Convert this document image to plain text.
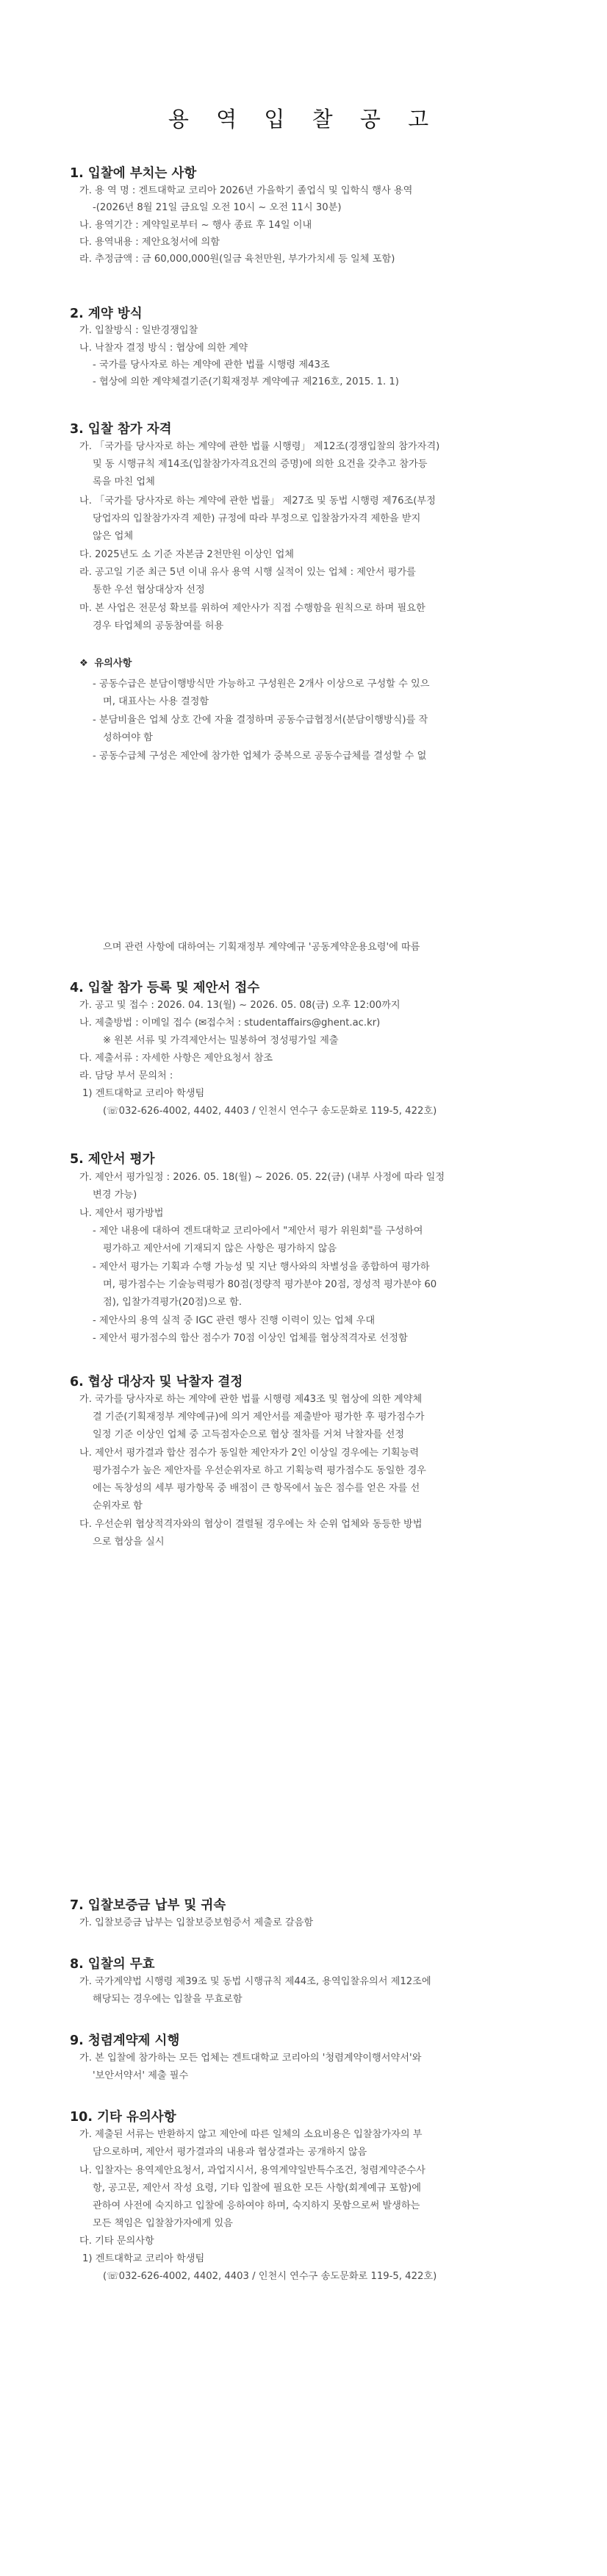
용 역 입 찰 공 고
1. 입찰에 부치는 사항
가. 용 역 명 : 겐트대학교 코리아 2026년 가을학기 졸업식 및 입학식 행사 용역
-(2026년 8월 21일 금요일 오전 10시 ~ 오전 11시 30분)
나. 용역기간 : 계약일로부터 ~ 행사 종료 후 14일 이내
다. 용역내용 : 제안요청서에 의함
라. 추정금액 : 금 60,000,000원(일금 육천만원, 부가가치세 등 일체 포함)
2. 계약 방식
가. 입찰방식 : 일반경쟁입찰
나. 낙찰자 결정 방식 : 협상에 의한 계약
- 국가를 당사자로 하는 계약에 관한 법률 시행령 제43조
- 협상에 의한 계약체결기준(기획재정부 계약예규 제216호, 2015. 1. 1)
3. 입찰 참가 자격
가. 「국가를 당사자로 하는 계약에 관한 법률 시행령」 제12조(경쟁입찰의 참가자격)
및 동 시행규칙 제14조(입찰참가자격요건의 증명)에 의한 요건을 갖추고 참가등
록을 마친 업체
나. 「국가를 당사자로 하는 계약에 관한 법률」 제27조 및 동법 시행령 제76조(부정
당업자의 입찰참가자격 제한) 규정에 따라 부정으로 입찰참가자격 제한을 받지
않은 업체
다. 2025년도 소 기준 자본금 2천만원 이상인 업체
라. 공고일 기준 최근 5년 이내 유사 용역 시행 실적이 있는 업체 : 제안서 평가를
통한 우선 협상대상자 선정
마. 본 사업은 전문성 확보를 위하여 제안사가 직접 수행함을 원칙으로 하며 필요한
경우 타업체의 공동참여를 허용
❖ 유의사항
- 공동수급은 분담이행방식만 가능하고 구성원은 2개사 이상으로 구성할 수 있으
며, 대표사는 사용 결정함
- 분담비율은 업체 상호 간에 자율 결정하며 공동수급협정서(분담이행방식)를 작
성하여야 함
- 공동수급체 구성은 제안에 참가한 업체가 중복으로 공동수급체를 결성할 수 없
으며 관련 사항에 대하여는 기획재정부 계약예규 '공동계약운용요령'에 따름
4. 입찰 참가 등록 및 제안서 접수
가. 공고 및 접수 : 2026. 04. 13(월) ~ 2026. 05. 08(금) 오후 12:00까지
나. 제출방법 : 이메일 접수 (✉접수처 : studentaffairs@ghent.ac.kr)
※ 원본 서류 및 가격제안서는 밀봉하여 정성평가일 제출
다. 제출서류 : 자세한 사항은 제안요청서 참조
라. 담당 부서 문의처 :
1) 겐트대학교 코리아 학생팀
(☏032-626-4002, 4402, 4403 / 인천시 연수구 송도문화로 119-5, 422호)
5. 제안서 평가
가. 제안서 평가일정 : 2026. 05. 18(월) ~ 2026. 05. 22(금) (내부 사정에 따라 일정
변경 가능)
나. 제안서 평가방법
- 제안 내용에 대하여 겐트대학교 코리아에서 "제안서 평가 위원회"를 구성하여
평가하고 제안서에 기재되지 않은 사항은 평가하지 않음
- 제안서 평가는 기획과 수행 가능성 및 지난 행사와의 차별성을 종합하여 평가하
며, 평가점수는 기술능력평가 80점(정량적 평가분야 20점, 정성적 평가분야 60
점), 입찰가격평가(20점)으로 함.
- 제안사의 용역 실적 중 IGC 관련 행사 진행 이력이 있는 업체 우대
- 제안서 평가점수의 합산 점수가 70점 이상인 업체를 협상적격자로 선정함
6. 협상 대상자 및 낙찰자 결정
가. 국가를 당사자로 하는 계약에 관한 법률 시행령 제43조 및 협상에 의한 계약체
결 기준(기획재정부 계약예규)에 의거 제안서를 제출받아 평가한 후 평가점수가
일정 기준 이상인 업체 중 고득점자순으로 협상 절차를 거쳐 낙찰자를 선정
나. 제안서 평가결과 합산 점수가 동일한 제안자가 2인 이상일 경우에는 기획능력
평가점수가 높은 제안자를 우선순위자로 하고 기획능력 평가점수도 동일한 경우
에는 독창성의 세부 평가항목 중 배점이 큰 항목에서 높은 점수를 얻은 자를 선
순위자로 함
다. 우선순위 협상적격자와의 협상이 결렬될 경우에는 차 순위 업체와 동등한 방법
으로 협상을 실시
7. 입찰보증금 납부 및 귀속
가. 입찰보증금 납부는 입찰보증보험증서 제출로 갈음함
8. 입찰의 무효
가. 국가계약법 시행령 제39조 및 동법 시행규칙 제44조, 용역입찰유의서 제12조에
해당되는 경우에는 입찰을 무효로함
9. 청렴계약제 시행
가. 본 입찰에 참가하는 모든 업체는 겐트대학교 코리아의 '청렴계약이행서약서'와
'보안서약서' 제출 필수
10. 기타 유의사항
가. 제출된 서류는 반환하지 않고 제안에 따른 일체의 소요비용은 입찰참가자의 부
담으로하며, 제안서 평가결과의 내용과 협상결과는 공개하지 않음
나. 입찰자는 용역제안요청서, 과업지시서, 용역계약일반특수조건, 청렴계약준수사
항, 공고문, 제안서 작성 요령, 기타 입찰에 필요한 모든 사항(회계예규 포함)에
관하여 사전에 숙지하고 입찰에 응하여야 하며, 숙지하지 못함으로써 발생하는
모든 책임은 입찰참가자에게 있음
다. 기타 문의사항
1) 겐트대학교 코리아 학생팀
(☏032-626-4002, 4402, 4403 / 인천시 연수구 송도문화로 119-5, 422호)
